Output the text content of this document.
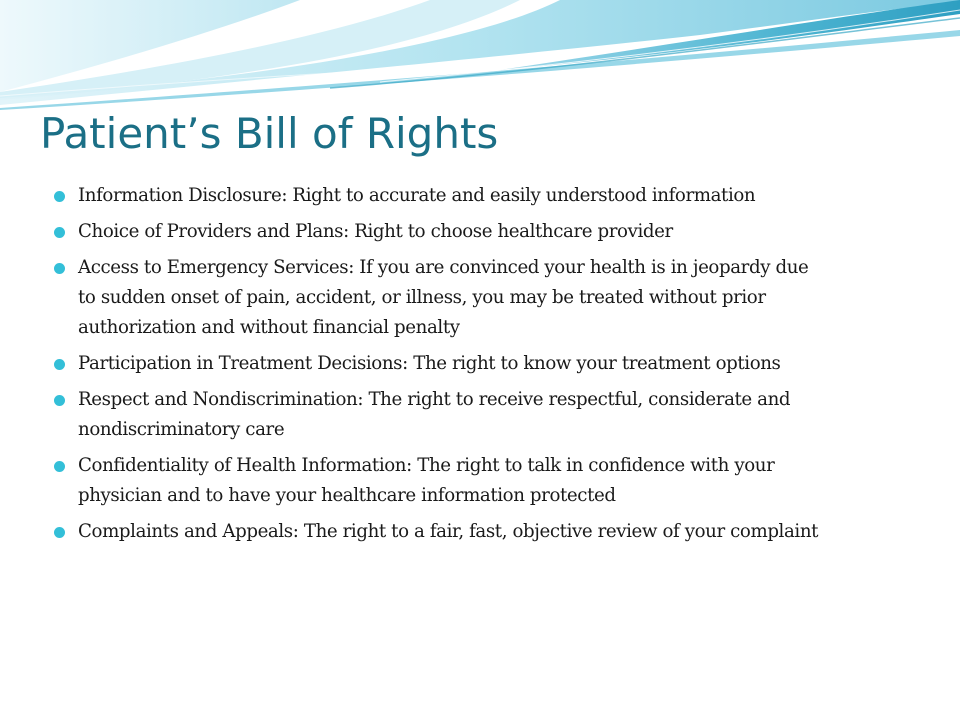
Patient’s Bill of Rights
Information Disclosure: Right to accurate and easily understood information
Choice of Providers and Plans: Right to choose healthcare provider
Access to Emergency Services: If you are convinced your health is in jeopardy due to sudden onset of pain, accident, or illness, you may be treated without prior authorization and without financial penalty
Participation in Treatment Decisions: The right to know your treatment options
Respect and Nondiscrimination: The right to receive respectful, considerate and nondiscriminatory care
Confidentiality of Health Information: The right to talk in confidence with your physician and to have your healthcare information protected
Complaints and Appeals: The right to a fair, fast, objective review of your complaint
